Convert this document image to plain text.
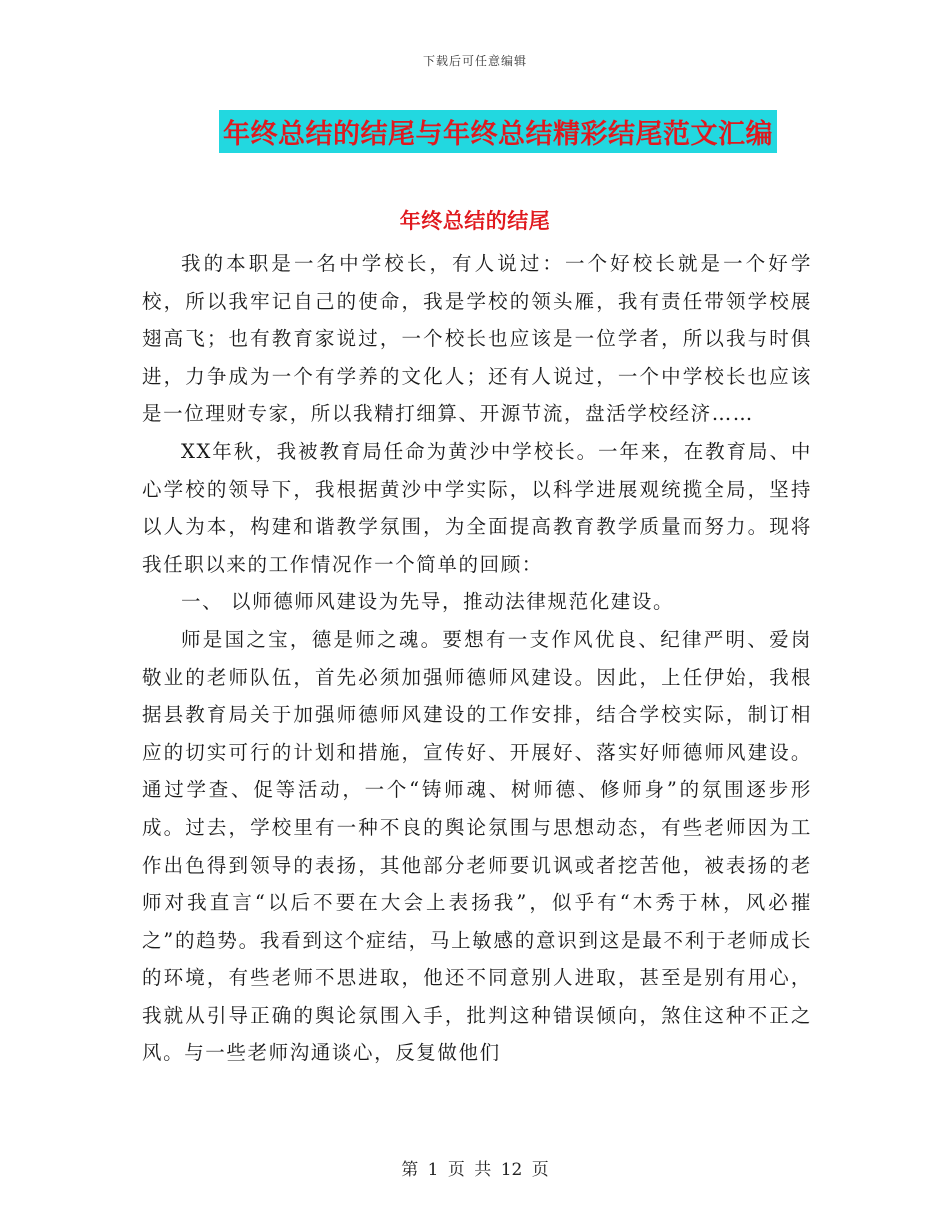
下载后可任意编辑
年终总结的结尾与年终总结精彩结尾范文汇编
年终总结的结尾

我的本职是一名中学校长，有人说过：一个好校长就是一个好学校，所以我牢记自己的使命，我是学校的领头雁，我有责任带领学校展翅高飞；也有教育家说过，一个校长也应该是一位学者，所以我与时俱进，力争成为一个有学养的文化人；还有人说过，一个中学校长也应该是一位理财专家，所以我精打细算、开源节流，盘活学校经济……

XX年秋，我被教育局任命为黄沙中学校长。一年来，在教育局、中心学校的领导下，我根据黄沙中学实际，以科学进展观统揽全局，坚持以人为本，构建和谐教学氛围，为全面提高教育教学质量而努力。现将我任职以来的工作情况作一个简单的回顾：

一、 以师德师风建设为先导，推动法律规范化建设。

师是国之宝，德是师之魂。要想有一支作风优良、纪律严明、爱岗敬业的老师队伍，首先必须加强师德师风建设。因此，上任伊始，我根据县教育局关于加强师德师风建设的工作安排，结合学校实际，制订相应的切实可行的计划和措施，宣传好、开展好、落实好师德师风建设。通过学查、促等活动，一个“铸师魂、树师德、修师身”的氛围逐步形成。过去，学校里有一种不良的舆论氛围与思想动态，有些老师因为工作出色得到领导的表扬，其他部分老师要讥讽或者挖苦他，被表扬的老师对我直言“以后不要在大会上表扬我”，似乎有“木秀于林，风必摧之”的趋势。我看到这个症结，马上敏感的意识到这是最不利于老师成长的环境，有些老师不思进取，他还不同意别人进取，甚至是别有用心，我就从引导正确的舆论氛围入手，批判这种错误倾向，煞住这种不正之风。与一些老师沟通谈心，反复做他们

第 1 页 共 12 页
